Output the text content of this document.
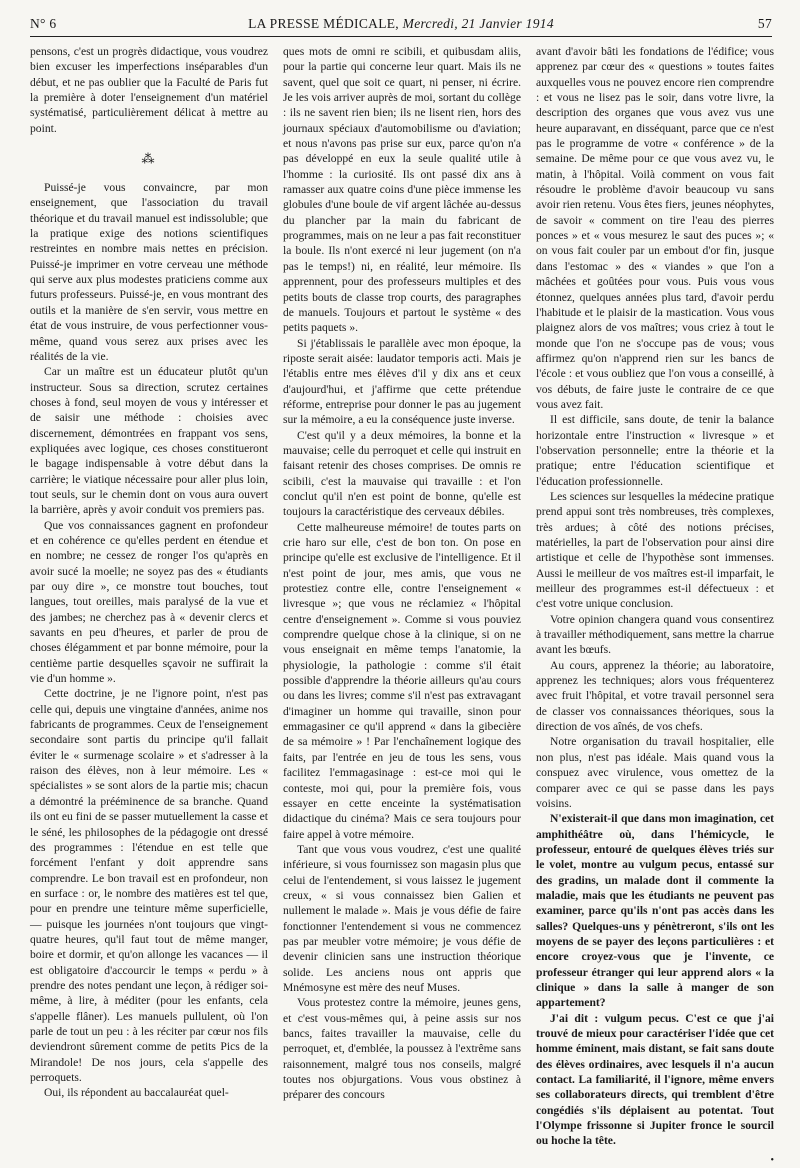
N° 6	LA PRESSE MÉDICALE, Mercredi, 21 Janvier 1914	57

pensons, c'est un progrès didactique, vous voudrez bien excuser les imperfections inséparables d'un début, et ne pas oublier que la Faculté de Paris fut la première à doter l'enseignement d'un matériel systématisé, particulièrement délicat à mettre au point.

⁂

Puissé-je vous convaincre, par mon enseignement, que l'association du travail théorique et du travail manuel est indissoluble; que la pratique exige des notions scientifiques restreintes en nombre mais nettes en précision. Puissé-je imprimer en votre cerveau une méthode qui serve aux plus modestes praticiens comme aux futurs professeurs. Puissé-je, en vous montrant des outils et la manière de s'en servir, vous mettre en état de vous instruire, de vous perfectionner vous-même, quand vous serez aux prises avec les réalités de la vie.

Car un maître est un éducateur plutôt qu'un instructeur. Sous sa direction, scrutez certaines choses à fond, seul moyen de vous y intéresser et de saisir une méthode : choisies avec discernement, démontrées en frappant vos sens, expliquées avec logique, ces choses constitueront le bagage indispensable à votre début dans la carrière; le viatique nécessaire pour aller plus loin, tout seuls, sur le chemin dont on vous aura ouvert la barrière, après y avoir conduit vos premiers pas.

Que vos connaissances gagnent en profondeur et en cohérence ce qu'elles perdent en étendue et en nombre; ne cessez de ronger l'os qu'après en avoir sucé la moelle; ne soyez pas des « étudiants par ouy dire », ce monstre tout bouches, tout langues, tout oreilles, mais paralysé de la vue et des jambes; ne cherchez pas à « devenir clercs et savants en peu d'heures, et parler de prou de choses élégamment et par bonne mémoire, pour la centième partie desquelles sçavoir ne suffirait la vie d'un homme ».

Cette doctrine, je ne l'ignore point, n'est pas celle qui, depuis une vingtaine d'années, anime nos fabricants de programmes. Ceux de l'enseignement secondaire sont partis du principe qu'il fallait éviter le « surmenage scolaire » et s'adresser à la raison des élèves, non à leur mémoire. Les « spécialistes » se sont alors de la partie mis; chacun a démontré la prééminence de sa branche. Quand ils ont eu fini de se passer mutuellement la casse et le séné, les philosophes de la pédagogie ont dressé des programmes : l'étendue en est telle que forcément l'enfant y doit apprendre sans comprendre. Le bon travail est en profondeur, non en surface : or, le nombre des matières est tel que, pour en prendre une teinture même superficielle, — puisque les journées n'ont toujours que vingt-quatre heures, qu'il faut tout de même manger, boire et dormir, et qu'on allonge les vacances — il est obligatoire d'accourcir le temps « perdu » à prendre des notes pendant une leçon, à rédiger soi-même, à lire, à méditer (pour les enfants, cela s'appelle flâner). Les manuels pullulent, où l'on parle de tout un peu : à les réciter par cœur nos fils deviendront sûrement comme de petits Pics de la Mirandole! De nos jours, cela s'appelle des perroquets.

Oui, ils répondent au baccalauréat quel-

ques mots de omni re scibili, et quibusdam aliis, pour la partie qui concerne leur quart. Mais ils ne savent, quel que soit ce quart, ni penser, ni écrire. Je les vois arriver auprès de moi, sortant du collège : ils ne savent rien bien; ils ne lisent rien, hors des journaux spéciaux d'automobilisme ou d'aviation; et nous n'avons pas prise sur eux, parce qu'on n'a pas développé en eux la seule qualité utile à l'homme : la curiosité. Ils ont passé dix ans à ramasser aux quatre coins d'une pièce immense les globules d'une boule de vif argent lâchée au-dessus du plancher par la main du fabricant de programmes, mais on ne leur a pas fait reconstituer la boule. Ils n'ont exercé ni leur jugement (on n'a pas le temps!) ni, en réalité, leur mémoire. Ils apprennent, pour des professeurs multiples et des petits bouts de classe trop courts, des paragraphes de manuels. Toujours et partout le système « des petits paquets ».

Si j'établissais le parallèle avec mon époque, la riposte serait aisée: laudator temporis acti. Mais je l'établis entre mes élèves d'il y dix ans et ceux d'aujourd'hui, et j'affirme que cette prétendue réforme, entreprise pour donner le pas au jugement sur la mémoire, a eu la conséquence juste inverse.

C'est qu'il y a deux mémoires, la bonne et la mauvaise; celle du perroquet et celle qui instruit en faisant retenir des choses comprises. De omnis re scibili, c'est la mauvaise qui travaille : et l'on conclut qu'il n'en est point de bonne, qu'elle est toujours la caractéristique des cerveaux débiles.

Cette malheureuse mémoire! de toutes parts on crie haro sur elle, c'est de bon ton. On pose en principe qu'elle est exclusive de l'intelligence. Et il n'est point de jour, mes amis, que vous ne protestiez contre elle, contre l'enseignement « livresque »; que vous ne réclamiez « l'hôpital centre d'enseignement ». Comme si vous pouviez comprendre quelque chose à la clinique, si on ne vous enseignait en même temps l'anatomie, la physiologie, la pathologie : comme s'il était possible d'apprendre la théorie ailleurs qu'au cours ou dans les livres; comme s'il n'est pas extravagant d'imaginer un homme qui travaille, sinon pour emmagasiner ce qu'il apprend « dans la gibecière de sa mémoire » ! Par l'enchaînement logique des faits, par l'entrée en jeu de tous les sens, vous facilitez l'emmagasinage : est-ce moi qui le conteste, moi qui, pour la première fois, vous essayer en cette enceinte la systématisation didactique du cinéma? Mais ce sera toujours pour faire appel à votre mémoire.

Tant que vous vous voudrez, c'est une qualité inférieure, si vous fournissez son magasin plus que celui de l'entendement, si vous laissez le jugement creux, « si vous connaissez bien Galien et nullement le malade ». Mais je vous défie de faire fonctionner l'entendement si vous ne commencez pas par meubler votre mémoire; je vous défie de devenir clinicien sans une instruction théorique solide. Les anciens nous ont appris que Mnémosyne est mère des neuf Muses.

Vous protestez contre la mémoire, jeunes gens, et c'est vous-mêmes qui, à peine assis sur nos bancs, faites travailler la mauvaise, celle du perroquet, et, d'emblée, la poussez à l'extrême sans raisonnement, malgré tous nos conseils, malgré toutes nos objurgations. Vous vous obstinez à préparer des concours

avant d'avoir bâti les fondations de l'édifice; vous apprenez par cœur des « questions » toutes faites auxquelles vous ne pouvez encore rien comprendre : et vous ne lisez pas le soir, dans votre livre, la description des organes que vous avez vus une heure auparavant, en disséquant, parce que ce n'est pas le programme de votre « conférence » de la semaine. De même pour ce que vous avez vu, le matin, à l'hôpital. Voilà comment on vous fait résoudre le problème d'avoir beaucoup vu sans avoir rien retenu. Vous êtes fiers, jeunes néophytes, de savoir « comment on tire l'eau des pierres ponces » et « vous mesurez le saut des puces »; « on vous fait couler par un embout d'or fin, jusque dans l'estomac » des « viandes » que l'on a mâchées et goûtées pour vous. Puis vous vous étonnez, quelques années plus tard, d'avoir perdu l'habitude et le plaisir de la mastication. Vous vous plaignez alors de vos maîtres; vous criez à tout le monde que l'on ne s'occupe pas de vous; vous affirmez qu'on n'apprend rien sur les bancs de l'école : et vous oubliez que l'on vous a conseillé, à vos débuts, de faire juste le contraire de ce que vous avez fait.

Il est difficile, sans doute, de tenir la balance horizontale entre l'instruction « livresque » et l'observation personnelle; entre la théorie et la pratique; entre l'éducation scientifique et l'éducation professionnelle.

Les sciences sur lesquelles la médecine pratique prend appui sont très nombreuses, très complexes, très ardues; à côté des notions précises, matérielles, la part de l'observation pour ainsi dire artistique et celle de l'hypothèse sont immenses. Aussi le meilleur de vos maîtres est-il imparfait, le meilleur des programmes est-il défectueux : et c'est votre unique conclusion.

Votre opinion changera quand vous consentirez à travailler méthodiquement, sans mettre la charrue avant les bœufs.

Au cours, apprenez la théorie; au laboratoire, apprenez les techniques; alors vous fréquenterez avec fruit l'hôpital, et votre travail personnel sera de classer vos connaissances théoriques, sous la direction de vos aînés, de vos chefs.

Notre organisation du travail hospitalier, elle non plus, n'est pas idéale. Mais quand vous la conspuez avec virulence, vous omettez de la comparer avec ce qui se passe dans les pays voisins.

N'existerait-il que dans mon imagination, cet amphithéâtre où, dans l'hémicycle, le professeur, entouré de quelques élèves triés sur le volet, montre au vulgum pecus, entassé sur des gradins, un malade dont il commente la maladie, mais que les étudiants ne peuvent pas examiner, parce qu'ils n'ont pas accès dans les salles? Quelques-uns y pénètreront, s'ils ont les moyens de se payer des leçons particulières : et encore croyez-vous que je l'invente, ce professeur étranger qui leur apprend alors « la clinique » dans la salle à manger de son appartement?

J'ai dit : vulgum pecus. C'est ce que j'ai trouvé de mieux pour caractériser l'idée que cet homme éminent, mais distant, se fait sans doute des élèves ordinaires, avec lesquels il n'a aucun contact. La familiarité, il l'ignore, même envers ses collaborateurs directs, qui tremblent d'être congédiés s'ils déplaisent au potentat. Tout l'Olympe frissonne si Jupiter fronce le sourcil ou hoche la tête.

•
